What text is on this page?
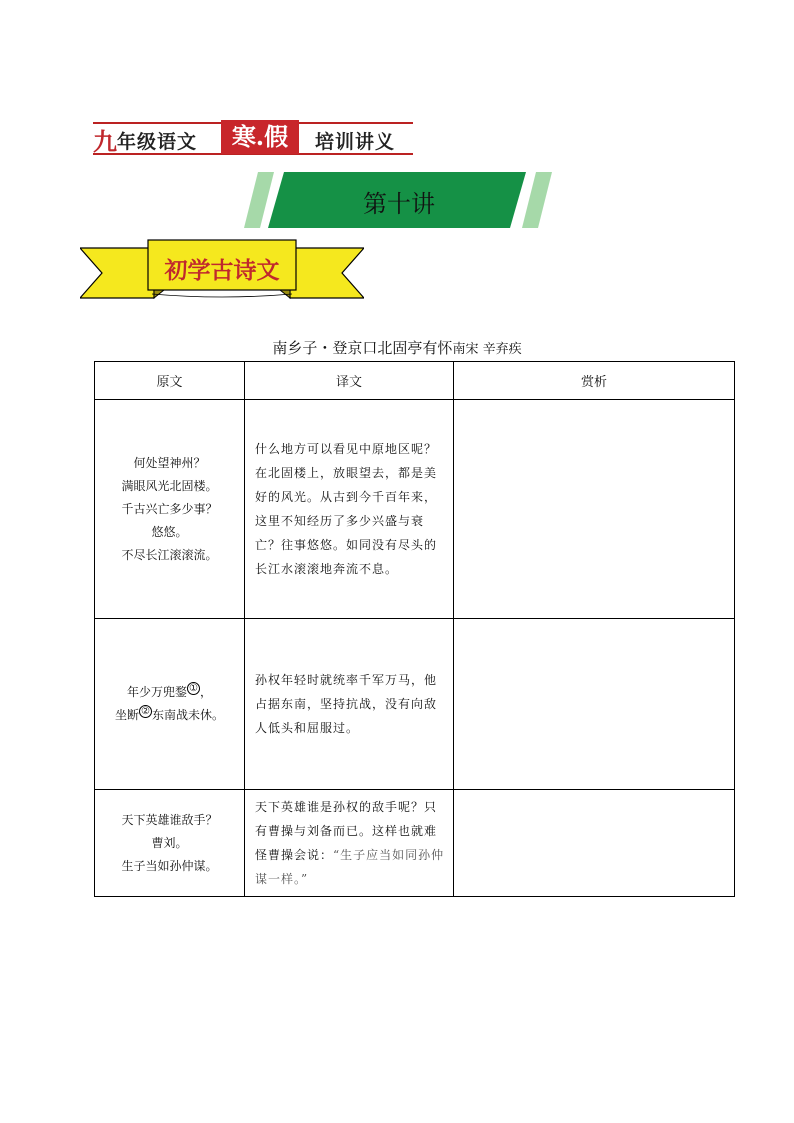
九 年级语文	寒.假	培训讲义
第十讲
初学古诗文
南乡子・登京口北固亭有怀南宋 辛弃疾
原文	译文	赏析

何处望神州？
满眼风光北固楼。
千古兴亡多少事？
悠悠。
不尽长江滚滚流。	什么地方可以看见中原地区呢？在北固楼上，放眼望去，都是美好的风光。从古到今千百年来，这里不知经历了多少兴盛与衰亡？往事悠悠。如同没有尽头的长江水滚滚地奔流不息。	

年少万兜鍪 ① ，
坐断 ② 东南战未休。	孙权年轻时就统率千军万马，他占据东南，坚持抗战，没有向敌人低头和屈服过。	

天下英雄谁敌手？
曹刘。
生子当如孙仲谋。	天下英雄谁是孙权的敌手呢？只有曹操与刘备而已。这样也就难怪曹操会说：“生子应当如同孙仲谋一样。”	
